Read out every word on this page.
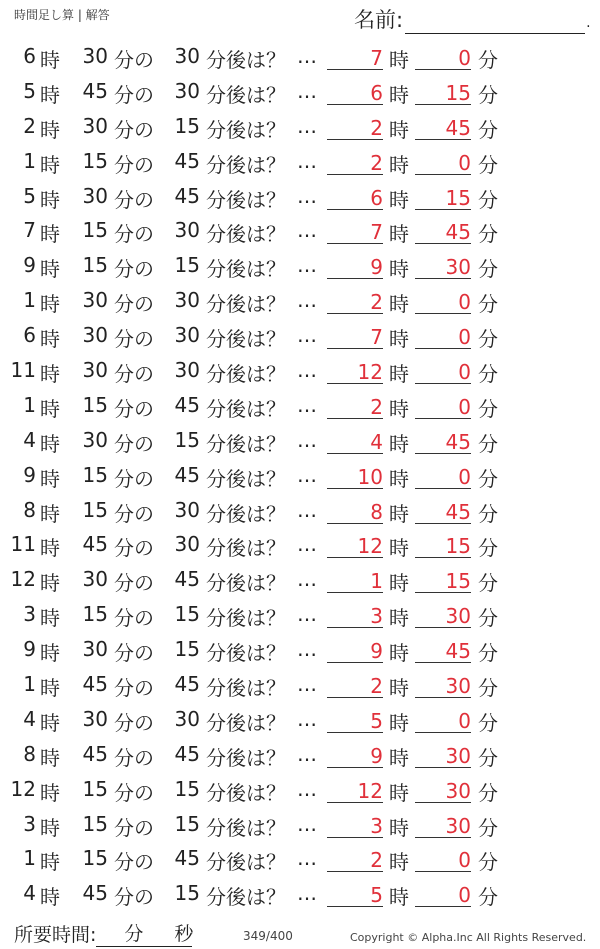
時間足し算 | 解答	名前:	.
6 時	30 分の	30 分後は？ …	7 時	0 分
5 時	45 分の	30 分後は？ …	6 時	15 分
2 時	30 分の	15 分後は？ …	2 時	45 分
1 時	15 分の	45 分後は？ …	2 時	0 分
5 時	30 分の	45 分後は？ …	6 時	15 分
7 時	15 分の	30 分後は？ …	7 時	45 分
9 時	15 分の	15 分後は？ …	9 時	30 分
1 時	30 分の	30 分後は？ …	2 時	0 分
6 時	30 分の	30 分後は？ …	7 時	0 分
11 時	30 分の	30 分後は？ …	12 時	0 分
1 時	15 分の	45 分後は？ …	2 時	0 分
4 時	30 分の	15 分後は？ …	4 時	45 分
9 時	15 分の	45 分後は？ …	10 時	0 分
8 時	15 分の	30 分後は？ …	8 時	45 分
11 時	45 分の	30 分後は？ …	12 時	15 分
12 時	30 分の	45 分後は？ …	1 時	15 分
3 時	15 分の	15 分後は？ …	3 時	30 分
9 時	30 分の	15 分後は？ …	9 時	45 分
1 時	45 分の	45 分後は？ …	2 時	30 分
4 時	30 分の	30 分後は？ …	5 時	0 分
8 時	45 分の	45 分後は？ …	9 時	30 分
12 時	15 分の	15 分後は？ …	12 時	30 分
3 時	15 分の	15 分後は？ …	3 時	30 分
1 時	15 分の	45 分後は？ …	2 時	0 分
4 時	45 分の	15 分後は？ …	5 時	0 分
所要時間: 分 秒	349/400	Copyright © Alpha.Inc All Rights Reserved.
